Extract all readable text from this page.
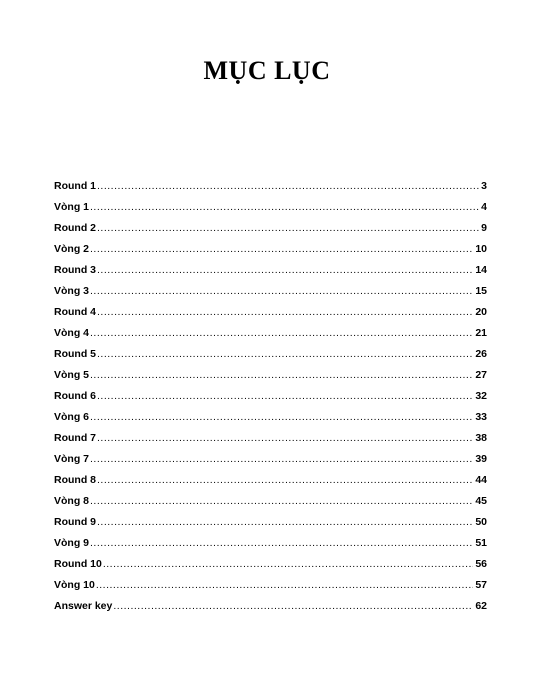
MỤC LỤC
Round 1 .....	3
Vòng 1 .....	4
Round 2 .....	9
Vòng 2 .....	10
Round 3 .....	14
Vòng 3 .....	15
Round 4 .....	20
Vòng 4 .....	21
Round 5 .....	26
Vòng 5 .....	27
Round 6 .....	32
Vòng 6 .....	33
Round 7 .....	38
Vòng 7 .....	39
Round 8 .....	44
Vòng 8 .....	45
Round 9 .....	50
Vòng 9 .....	51
Round 10 .....	56
Vòng 10 .....	57
Answer key .....	62
